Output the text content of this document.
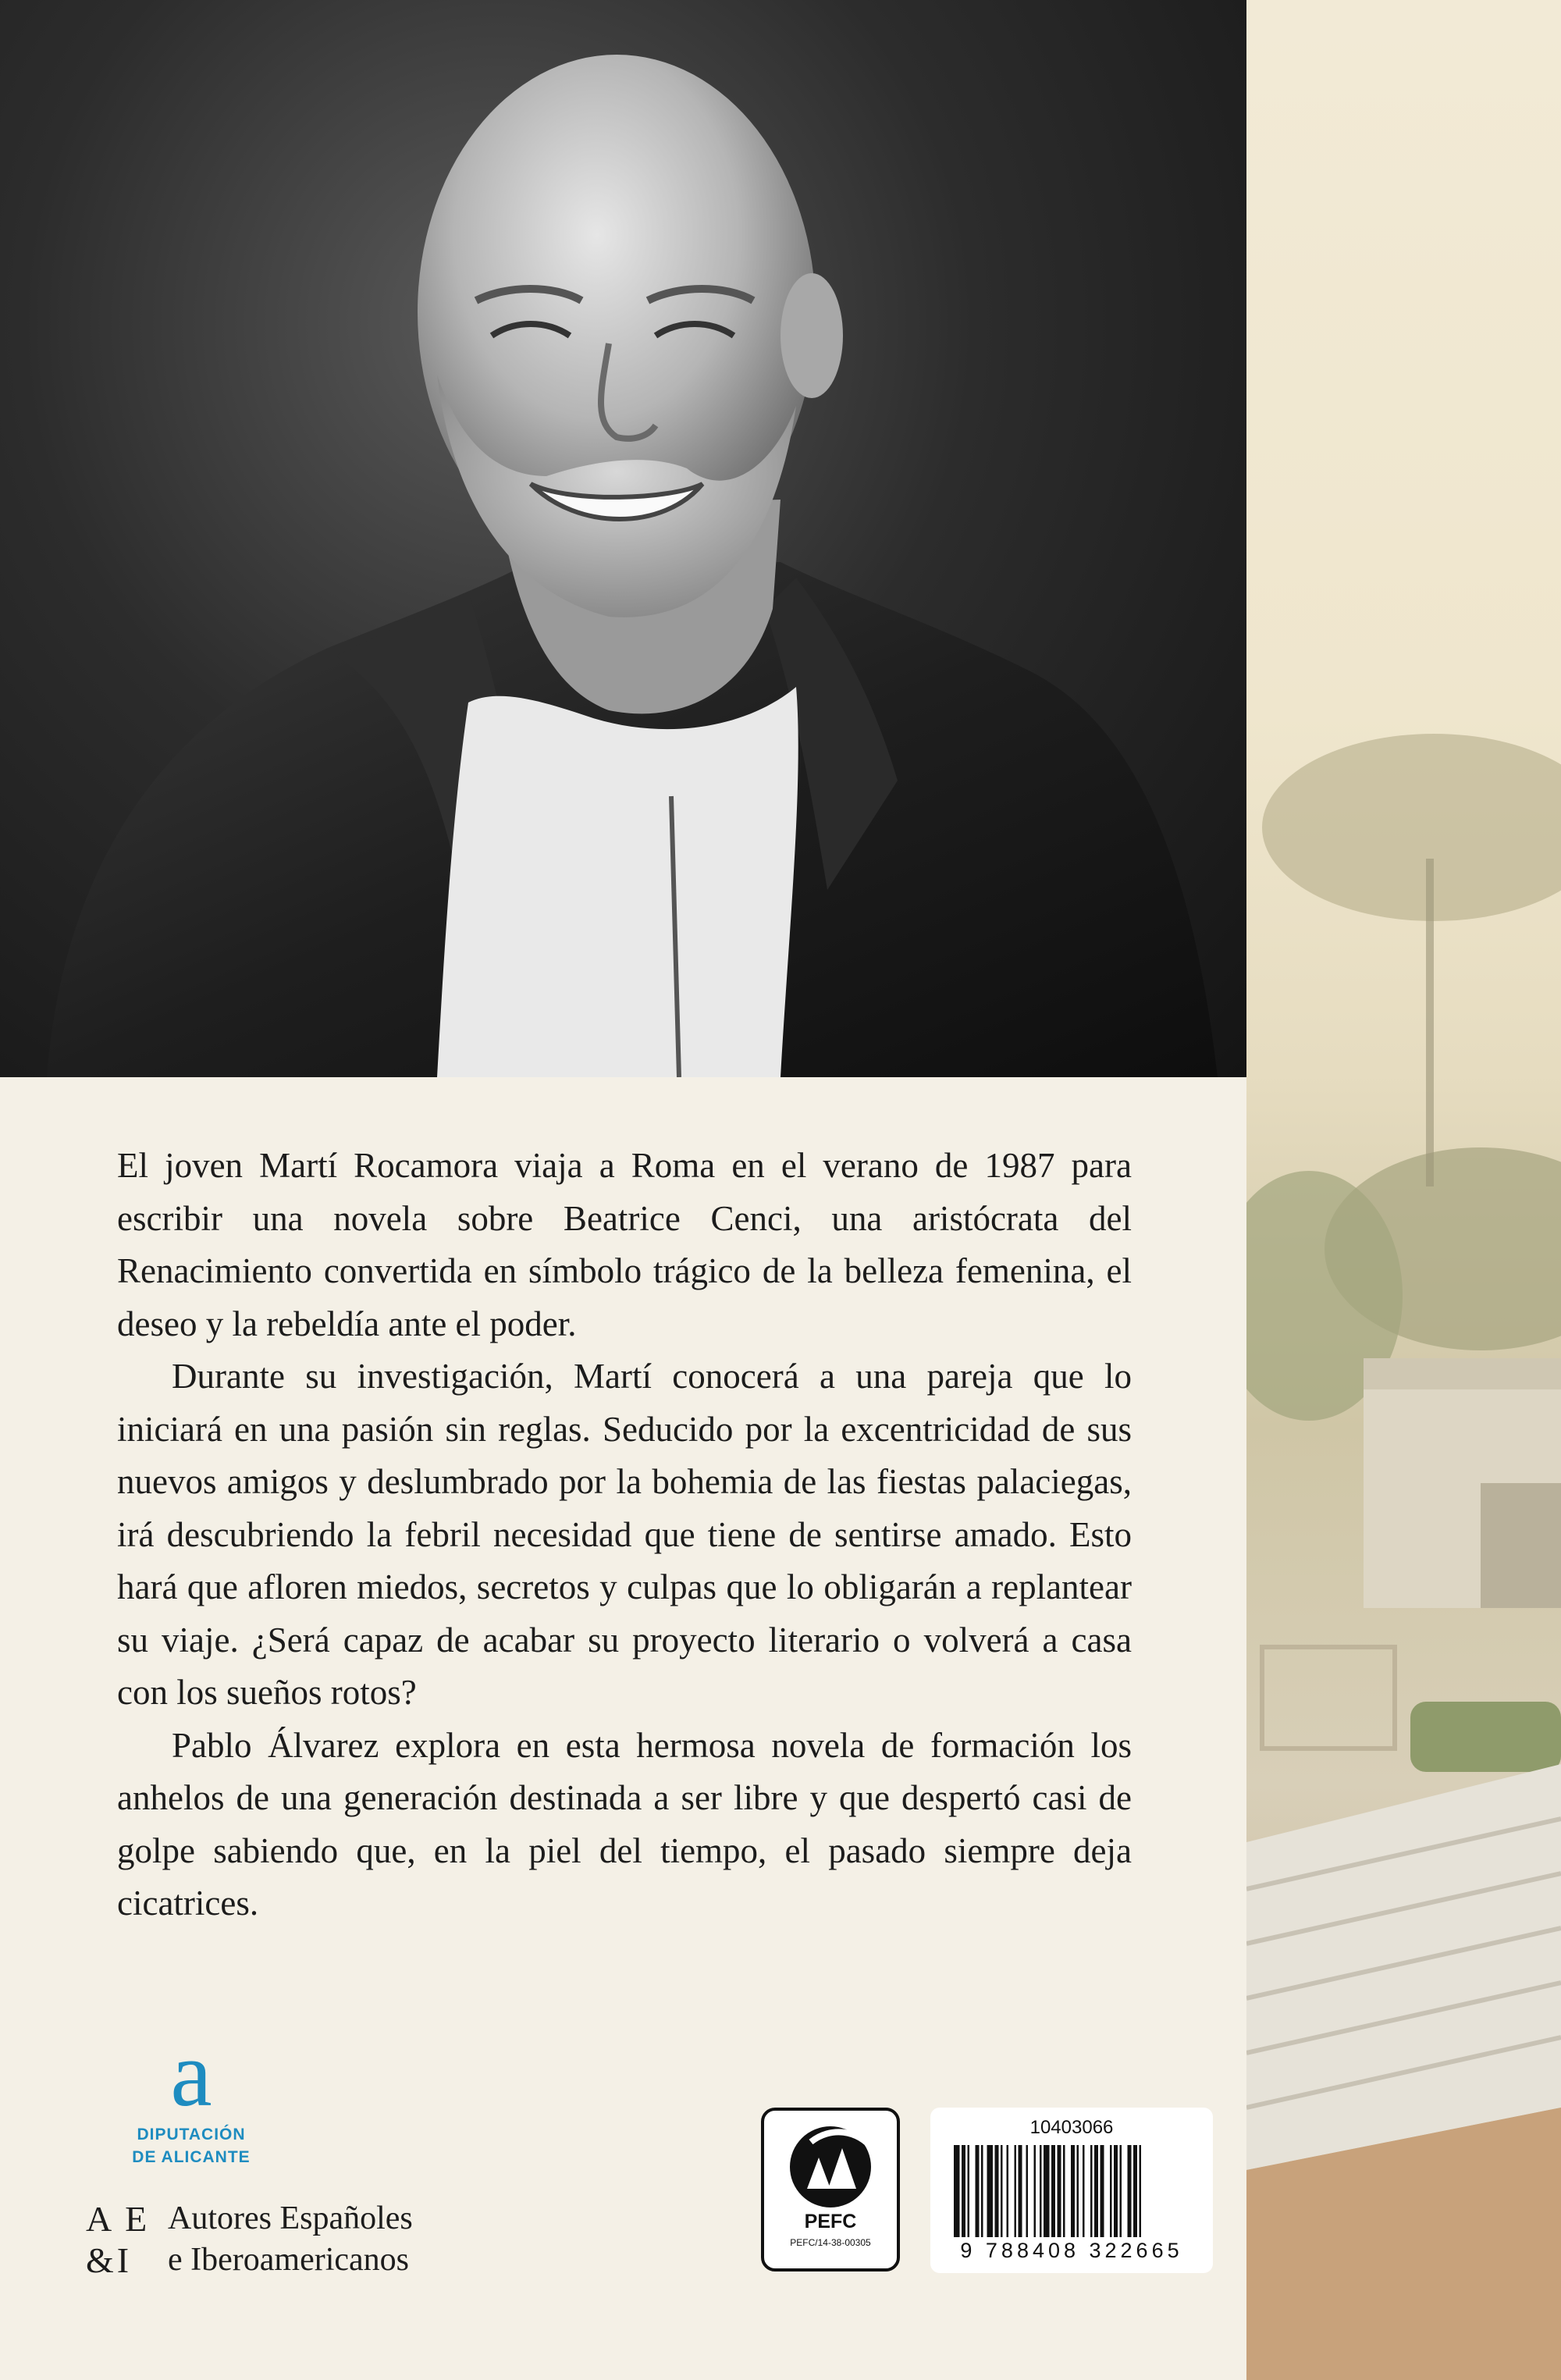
El joven Martí Rocamora viaja a Roma en el verano de 1987 para escribir una novela sobre Beatrice Cenci, una aristócrata del Renacimiento convertida en símbolo trágico de la belleza femenina, el deseo y la rebeldía ante el poder.

Durante su investigación, Martí conocerá a una pareja que lo iniciará en una pasión sin reglas. Seducido por la excentricidad de sus nuevos amigos y deslumbrado por la bohemia de las fiestas palaciegas, irá descubriendo la febril necesidad que tiene de sentirse amado. Esto hará que afloren miedos, secretos y culpas que lo obligarán a replantear su viaje. ¿Será capaz de acabar su proyecto literario o volverá a casa con los sueños rotos?

Pablo Álvarez explora en esta hermosa novela de formación los anhelos de una generación destinada a ser libre y que despertó casi de golpe sabiendo que, en la piel del tiempo, el pasado siempre deja cicatrices.

a
DIPUTACIÓN
DE ALICANTE
A E
&I
Autores Españoles
e Iberoamericanos
PEFC
PEFC/14-38-00305
10403066
9 788408 322665
